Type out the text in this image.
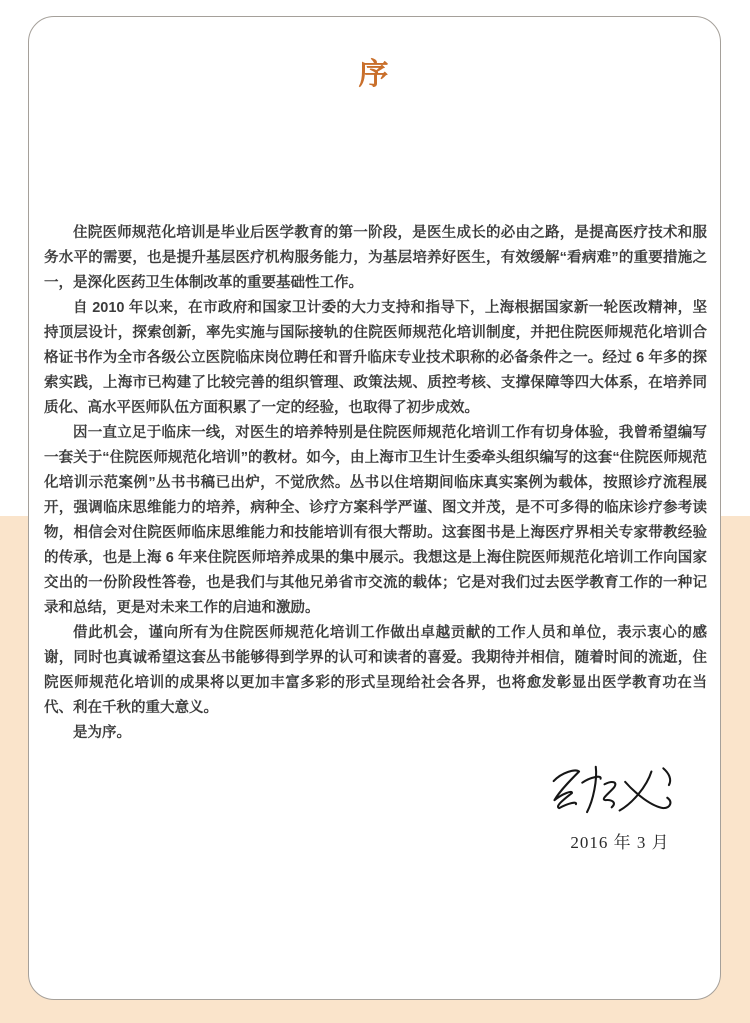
序

住院医师规范化培训是毕业后医学教育的第一阶段，是医生成长的必由之路，是提高医疗技术和服务水平的需要，也是提升基层医疗机构服务能力，为基层培养好医生，有效缓解“看病难”的重要措施之一，是深化医药卫生体制改革的重要基础性工作。

自 2010 年以来，在市政府和国家卫计委的大力支持和指导下，上海根据国家新一轮医改精神，坚持顶层设计，探索创新，率先实施与国际接轨的住院医师规范化培训制度，并把住院医师规范化培训合格证书作为全市各级公立医院临床岗位聘任和晋升临床专业技术职称的必备条件之一。经过 6 年多的探索实践，上海市已构建了比较完善的组织管理、政策法规、质控考核、支撑保障等四大体系，在培养同质化、高水平医师队伍方面积累了一定的经验，也取得了初步成效。

因一直立足于临床一线，对医生的培养特别是住院医师规范化培训工作有切身体验，我曾希望编写一套关于“住院医师规范化培训”的教材。如今，由上海市卫生计生委牵头组织编写的这套“住院医师规范化培训示范案例”丛书书稿已出炉，不觉欣然。丛书以住培期间临床真实案例为载体，按照诊疗流程展开，强调临床思维能力的培养，病种全、诊疗方案科学严谨、图文并茂，是不可多得的临床诊疗参考读物，相信会对住院医师临床思维能力和技能培训有很大帮助。这套图书是上海医疗界相关专家带教经验的传承，也是上海 6 年来住院医师培养成果的集中展示。我想这是上海住院医师规范化培训工作向国家交出的一份阶段性答卷，也是我们与其他兄弟省市交流的载体；它是对我们过去医学教育工作的一种记录和总结，更是对未来工作的启迪和激励。

借此机会，谨向所有为住院医师规范化培训工作做出卓越贡献的工作人员和单位，表示衷心的感谢，同时也真诚希望这套丛书能够得到学界的认可和读者的喜爱。我期待并相信，随着时间的流逝，住院医师规范化培训的成果将以更加丰富多彩的形式呈现给社会各界，也将愈发彰显出医学教育功在当代、利在千秋的重大意义。

是为序。

2016 年 3 月
